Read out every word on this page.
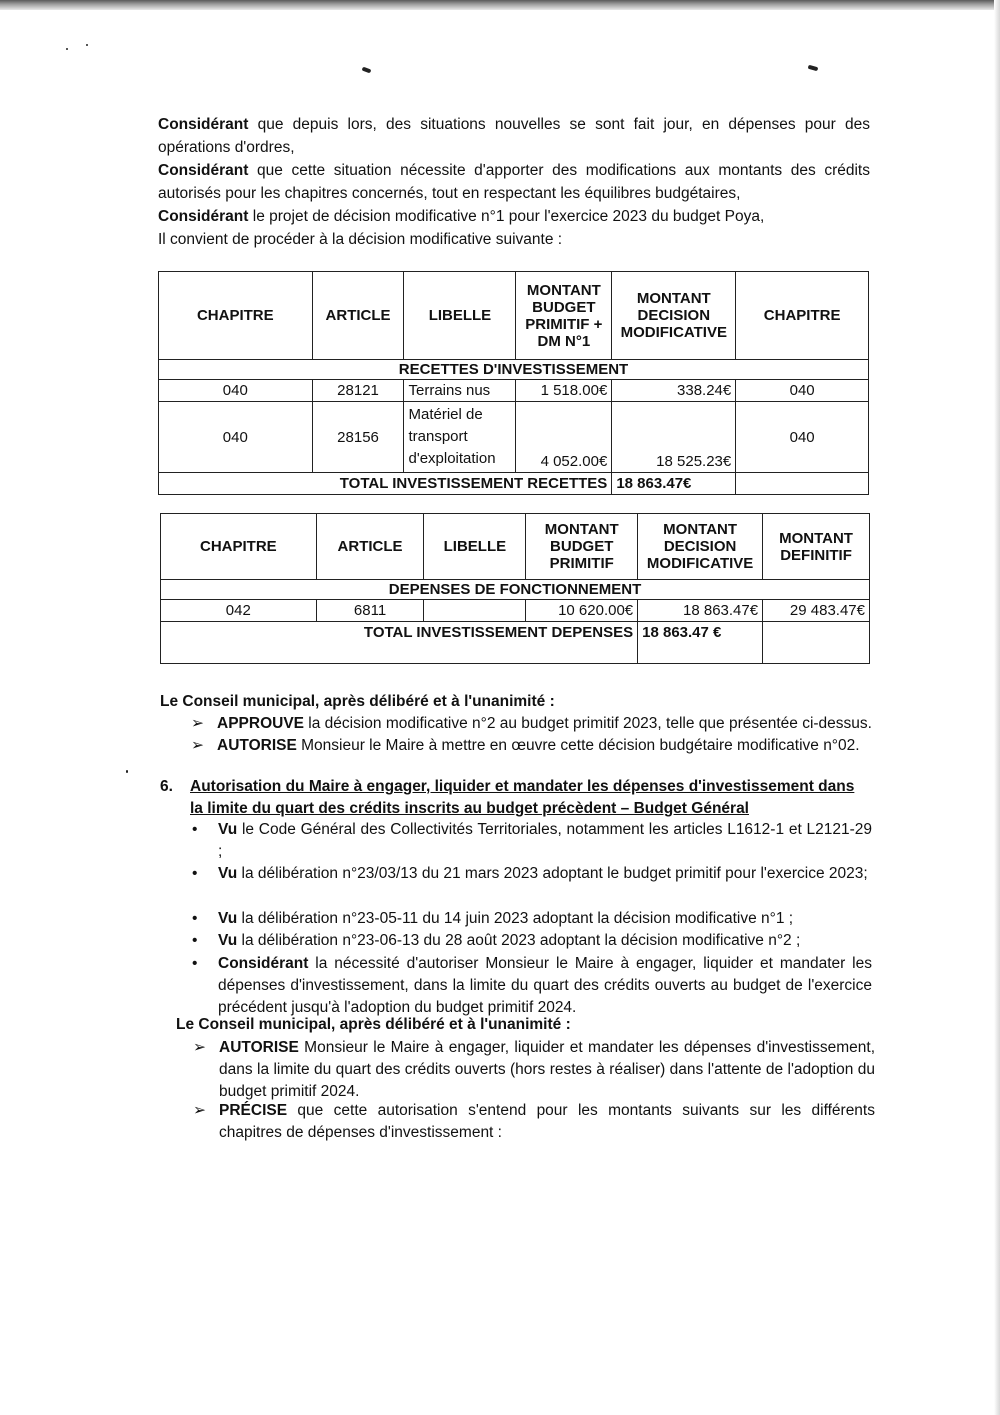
Considérant que depuis lors, des situations nouvelles se sont fait jour, en dépenses pour des opérations d'ordres,
Considérant que cette situation nécessite d'apporter des modifications aux montants des crédits autorisés pour les chapitres concernés, tout en respectant les équilibres budgétaires,
Considérant le projet de décision modificative n°1 pour l'exercice 2023 du budget Poya,
Il convient de procéder à la décision modificative suivante :
CHAPITRE	ARTICLE	LIBELLE	MONTANT BUDGET PRIMITIF + DM N°1	MONTANT DECISION MODIFICATIVE	CHAPITRE
RECETTES D'INVESTISSEMENT					
040	28121	Terrains nus	1 518.00€	338.24€	040
040	28156	Matériel de transport d'exploitation	4 052.00€	18 525.23€	040
TOTAL INVESTISSEMENT RECETTES				18 863.47€	
CHAPITRE	ARTICLE	LIBELLE	MONTANT BUDGET PRIMITIF	MONTANT DECISION MODIFICATIVE	MONTANT DEFINITIF
DEPENSES DE FONCTIONNEMENT					
042	6811		10 620.00€	18 863.47€	29 483.47€
TOTAL INVESTISSEMENT DEPENSES				18 863.47 €	
Le Conseil municipal, après délibéré et à l'unanimité :
➢ APPROUVE la décision modificative n°2 au budget primitif 2023, telle que présentée ci-dessus.
➢ AUTORISE Monsieur le Maire à mettre en œuvre cette décision budgétaire modificative n°02.
6. Autorisation du Maire à engager, liquider et mandater les dépenses d'investissement dans la limite du quart des crédits inscrits au budget précèdent – Budget Général
• Vu le Code Général des Collectivités Territoriales, notamment les articles L1612-1 et L2121-29 ;
• Vu la délibération n°23/03/13 du 21 mars 2023 adoptant le budget primitif pour l'exercice 2023;
• Vu la délibération n°23-05-11 du 14 juin 2023 adoptant la décision modificative n°1 ;
• Vu la délibération n°23-06-13 du 28 août 2023 adoptant la décision modificative n°2 ;
• Considérant la nécessité d'autoriser Monsieur le Maire à engager, liquider et mandater les dépenses d'investissement, dans la limite du quart des crédits ouverts au budget de l'exercice précédent jusqu'à l'adoption du budget primitif 2024.
Le Conseil municipal, après délibéré et à l'unanimité :
➢ AUTORISE Monsieur le Maire à engager, liquider et mandater les dépenses d'investissement, dans la limite du quart des crédits ouverts (hors restes à réaliser) dans l'attente de l'adoption du budget primitif 2024.
➢ PRÉCISE que cette autorisation s'entend pour les montants suivants sur les différents chapitres de dépenses d'investissement :
